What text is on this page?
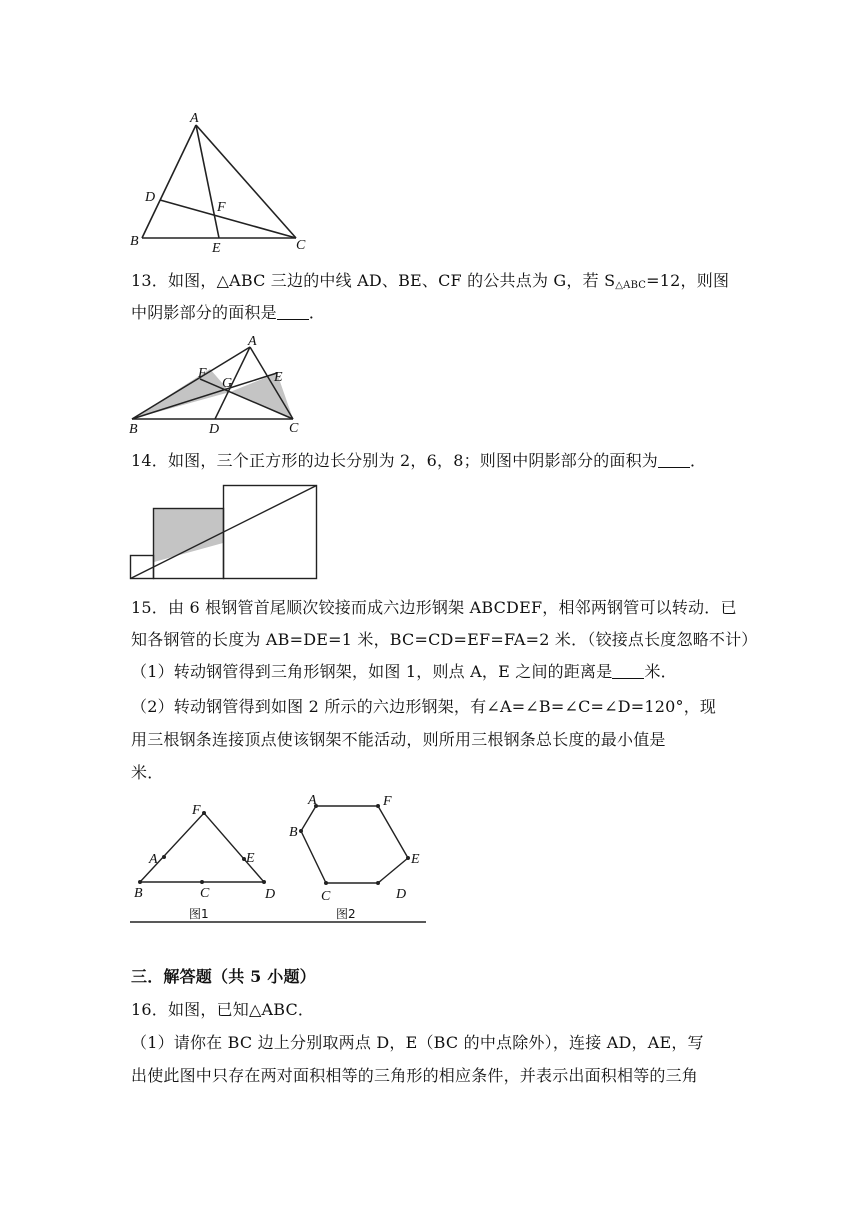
A
B	C
D
E
F
13．如图，△ABC 三边的中线 AD、BE、CF 的公共点为 G，若 $S_{\triangle ABC}=12$，则图
中阴影部分的面积是 ．
A
B	C
D
E
F
G
14．如图，三个正方形的边长分别为 2，6，8；则图中阴影部分的面积为 ．
15．由 6 根钢管首尾顺次铰接而成六边形钢架 ABCDEF，相邻两钢管可以转动．已
知各钢管的长度为 AB=DE=1 米，BC=CD=EF=FA=2 米．（铰接点长度忽略不计）
（1）转动钢管得到三角形钢架，如图 1，则点 A，E 之间的距离是 米．
（2）转动钢管得到如图 2 所示的六边形钢架，有∠A=∠B=∠C=∠D=120°，现
用三根钢条连接顶点使该钢架不能活动，则所用三根钢条总长度的最小值是
米．
F
A
B	C	D
E
图1
A	F
B
E
C	D
图2
三．解答题（共 5 小题）
16．如图，已知△ABC．
（1）请你在 BC 边上分别取两点 D，E（BC 的中点除外），连接 AD，AE，写
出使此图中只存在两对面积相等的三角形的相应条件，并表示出面积相等的三角
